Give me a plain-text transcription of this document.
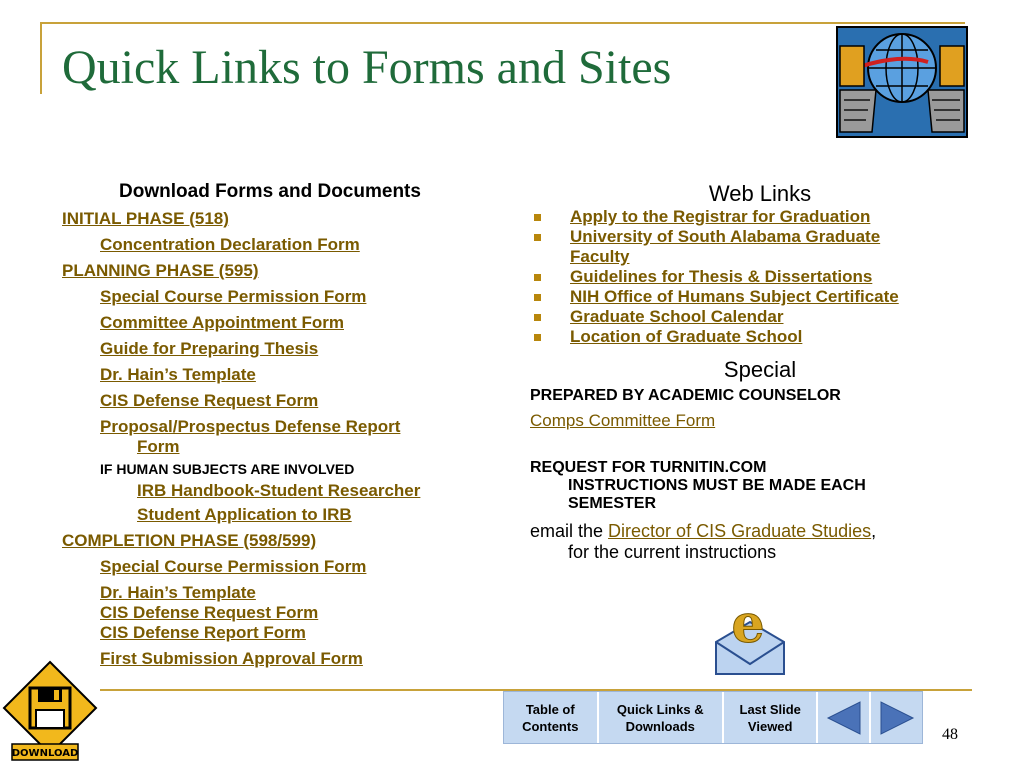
Quick Links to Forms and Sites
Download Forms and Documents
INITIAL PHASE (518)
Concentration Declaration Form
PLANNING PHASE (595)
Special Course Permission Form
Committee Appointment Form
Guide for Preparing Thesis
Dr. Hain’s Template
CIS Defense Request Form
Proposal/Prospectus Defense Report
Form
IF HUMAN SUBJECTS ARE INVOLVED
IRB Handbook-Student Researcher
Student Application to IRB
COMPLETION PHASE (598/599)
Special Course Permission Form
Dr. Hain’s Template
CIS Defense Request Form
CIS Defense Report Form
First Submission Approval Form
Web Links
Apply to the Registrar for Graduation
University of South Alabama Graduate
Faculty
Guidelines for Thesis & Dissertations
NIH Office of Humans Subject Certificate
Graduate School Calendar
Location of Graduate School
Special
PREPARED BY ACADEMIC COUNSELOR
Comps Committee Form
REQUEST FOR TURNITIN.COM
INSTRUCTIONS MUST BE MADE EACH
SEMESTER
email the Director of CIS Graduate Studies,
for the current instructions
e
DOWNLOAD
Table of Contents
Quick Links & Downloads
Last Slide Viewed	48
